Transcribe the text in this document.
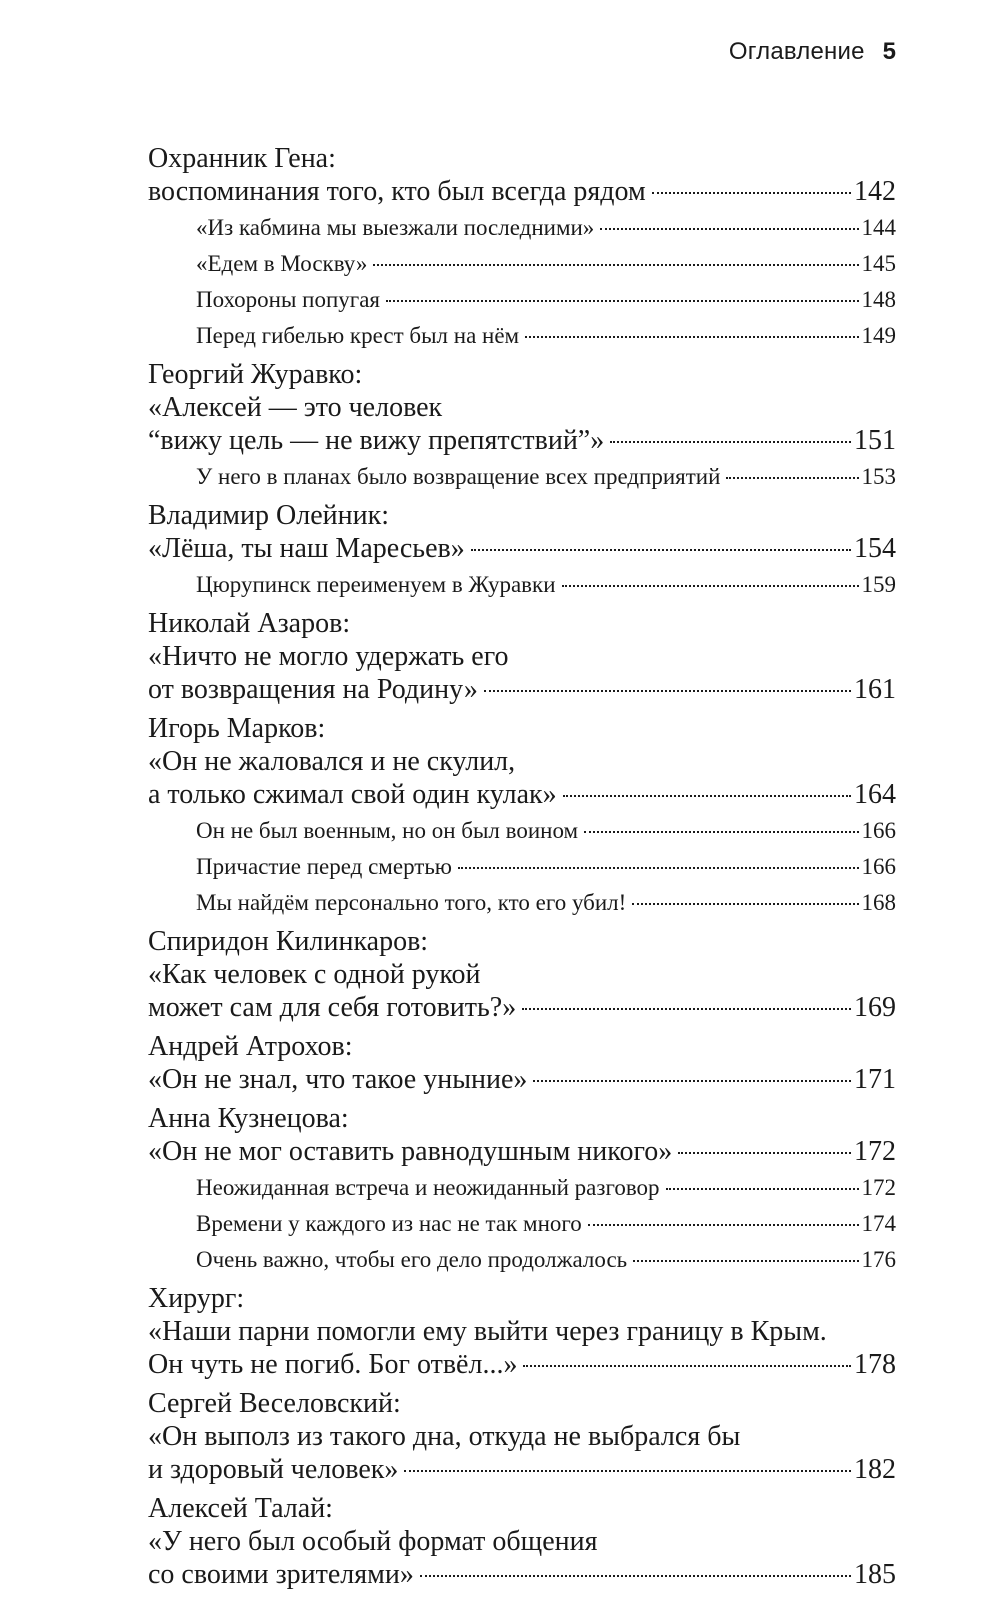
Оглавление 5
Охранник Гена:
воспоминания того, кто был всегда рядом	142
«Из кабмина мы выезжали последними»	144
«Едем в Москву»	145
Похороны попугая	148
Перед гибелью крест был на нём	149
Георгий Журавко:
«Алексей — это человек
“вижу цель — не вижу препятствий”»	151
У него в планах было возвращение всех предприятий	153
Владимир Олейник:
«Лёша, ты наш Маресьев»	154
Цюрупинск переименуем в Журавки	159
Николай Азаров:
«Ничто не могло удержать его
от возвращения на Родину»	161
Игорь Марков:
«Он не жаловался и не скулил,
а только сжимал свой один кулак»	164
Он не был военным, но он был воином	166
Причастие перед смертью	166
Мы найдём персонально того, кто его убил!	168
Спиридон Килинкаров:
«Как человек с одной рукой
может сам для себя готовить?»	169
Андрей Атрохов:
«Он не знал, что такое уныние»	171
Анна Кузнецова:
«Он не мог оставить равнодушным никого»	172
Неожиданная встреча и неожиданный разговор	172
Времени у каждого из нас не так много	174
Очень важно, чтобы его дело продолжалось	176
Хирург:
«Наши парни помогли ему выйти через границу в Крым.
Он чуть не погиб. Бог отвёл...»	178
Сергей Веселовский:
«Он выполз из такого дна, откуда не выбрался бы
и здоровый человек»	182
Алексей Талай:
«У него был особый формат общения
со своими зрителями»	185
